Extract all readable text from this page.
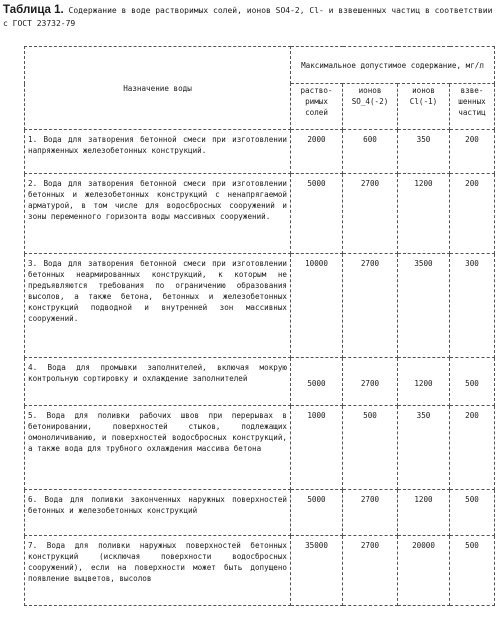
Таблица 1. Содержание в воде растворимых солей, ионов SO4-2, Cl- и взвешенных частиц в соответствии с ГОСТ 23732-79
Назначение воды	Максимальное допустимое содержание, мг/л			
	раство-римых солей	ионов SO_4(-2)	ионов Cl(-1)	взве-шенных частиц
1. Вода для затворения бетонной смеси при изготовлении напряженных железобетонных конструкций.	2000	600	350	200
2. Вода для затворения бетонной смеси при изготовлении бетонных и железобетонных конструкций с ненапрягаемой арматурой, в том числе для водосбросных сооружений и зоны переменного горизонта воды массивных сооружений.	5000	2700	1200	200
3. Вода для затворения бетонной смеси при изготовлении бетонных неармированных конструкций, к которым не предъявляются требования по ограничению образования высолов, а также бетона, бетонных и железобетонных конструкций подводной и внутренней зон массивных сооружений.	10000	2700	3500	300
4. Вода для промывки заполнителей, включая мокрую контрольную сортировку и охлаждение заполнителей	5000	2700	1200	500
5. Вода для поливки рабочих швов при перерывах в бетонировании, поверхностей стыков, подлежащих омоноличиванию, и поверхностей водосбросных конструкций, а также вода для трубного охлаждения массива бетона	1000	500	350	200
6. Вода для поливки законченных наружных поверхностей бетонных и железобетонных конструкций	5000	2700	1200	500
7. Вода для поливки наружных поверхностей бетонных конструкций (исключая поверхности водосбросных сооружений), если на поверхности может быть допущено появление выцветов, высолов	35000	2700	20000	500
